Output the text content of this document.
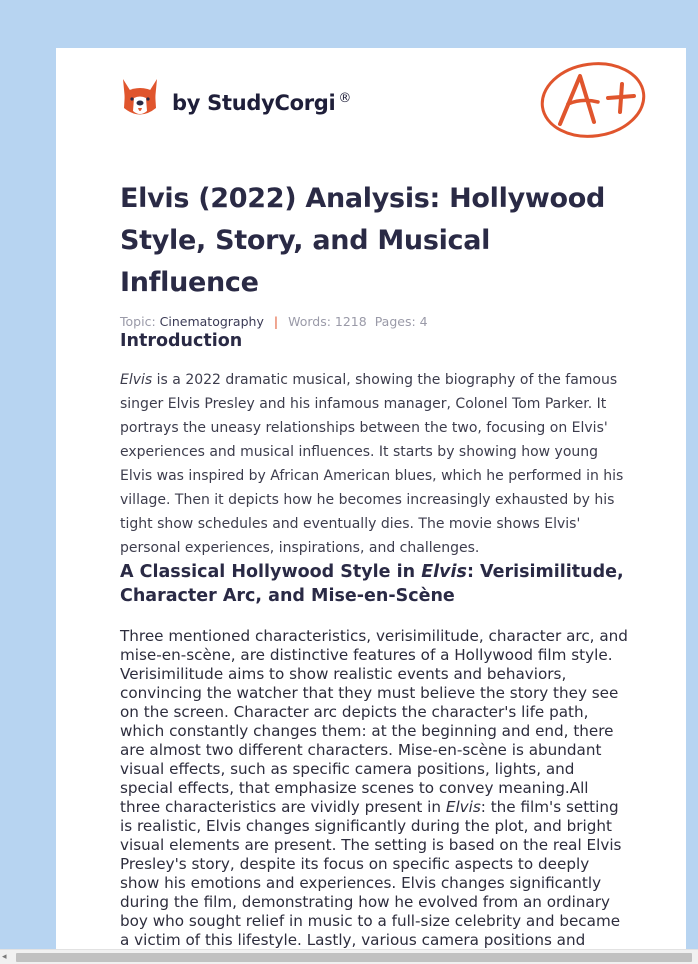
by StudyCorgi ®
A+
Elvis (2022) Analysis: Hollywood Style, Story, and Musical Influence
Topic: Cinematography | Words: 1218 Pages: 4
Introduction

Elvis is a 2022 dramatic musical, showing the biography of the famous singer Elvis Presley and his infamous manager, Colonel Tom Parker. It portrays the uneasy relationships between the two, focusing on Elvis' experiences and musical influences. It starts by showing how young Elvis was inspired by African American blues, which he performed in his village. Then it depicts how he becomes increasingly exhausted by his tight show schedules and eventually dies. The movie shows Elvis' personal experiences, inspirations, and challenges.

A Classical Hollywood Style in Elvis: Verisimilitude, Character Arc, and Mise-en-Scène

Three mentioned characteristics, verisimilitude, character arc, and mise-en-scène, are distinctive features of a Hollywood film style. Verisimilitude aims to show realistic events and behaviors, convincing the watcher that they must believe the story they see on the screen. Character arc depicts the character's life path, which constantly changes them: at the beginning and end, there are almost two different characters. Mise-en-scène is abundant visual effects, such as specific camera positions, lights, and special effects, that emphasize scenes to convey meaning.All three characteristics are vividly present in Elvis: the film's setting is realistic, Elvis changes significantly during the plot, and bright visual elements are present. The setting is based on the real Elvis Presley's story, despite its focus on specific aspects to deeply show his emotions and experiences. Elvis changes significantly during the film, demonstrating how he evolved from an ordinary boy who sought relief in music to a full-size celebrity and became a victim of this lifestyle. Lastly, various camera positions and

◂
